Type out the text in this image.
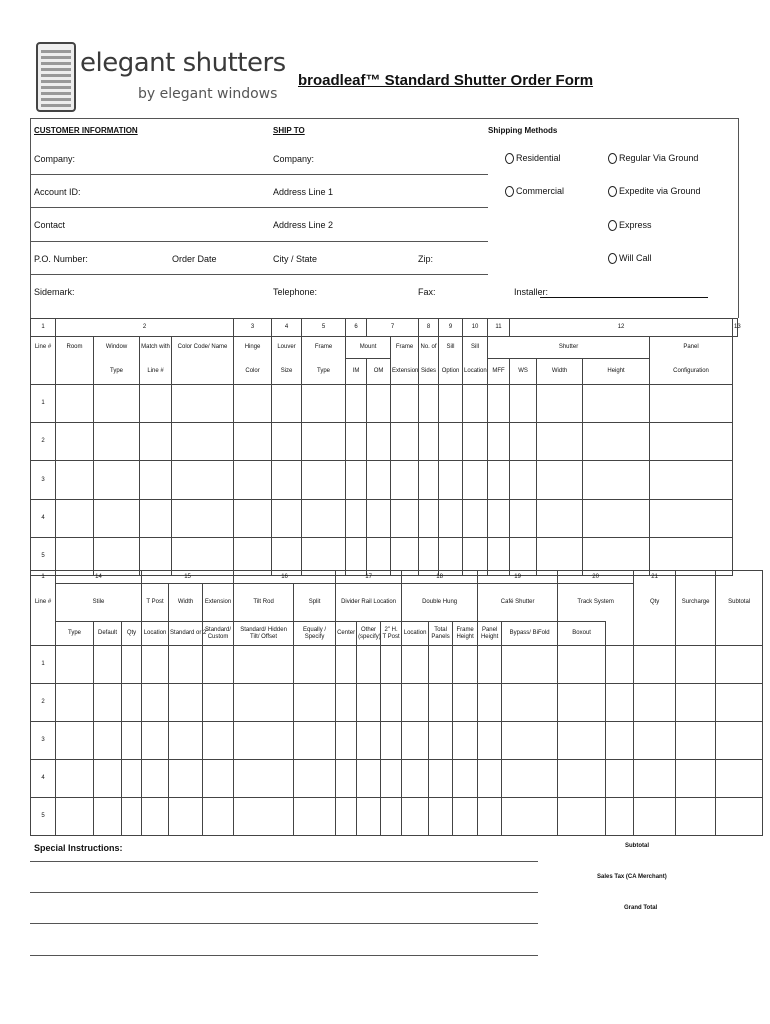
elegant shutters
by elegant windows
broadleaf™ Standard Shutter Order Form
CUSTOMER INFORMATION	SHIP TO	Shipping Methods
Company:
Account ID:
Contact
P.O. Number:	Order Date
Sidemark:
Company:
Address Line 1
Address Line 2
City / State	Zip:
Telephone:	Fax:
Residential	Regular Via Ground
Commercial	Expedite via Ground
Express
Will Call
Installer:
1	2				3	4	5	6	7		8	9	10	11	12				13
Line #	Room	Window	Match with	Color Code/ Name	Hinge	Louver	Frame	Mount		Frame	No. of	Sill	Sill	Shutter				Panel	
		Type	Line #		Color	Size	Type	IM	OM	Extension	Sides	Option	Location	MFF	WS	Width	Height	Configuration	
1																			
2																			
3																			
4																			
5																			
1	14			15			16		17			18			19		20		21			
Line #	Stile			T Post	Width	Extension	Tilt Rod	Split	Divider Rail Location			Double Hung			Café Shutter		Track System		Qty	Surcharge	Subtotal	
	Type	Default	Qty	Location	Standard or 2"	Standard/ Custom	Standard/ Hidden Tilt/ Offset	Equally / Specify	Center	Other (specify)	2" H. T Post	Location	Total Panels	Frame Height	Panel Height	Bypass/ BiFold	Boxout					
1																						
2																						
3																						
4																						
5																						
Special Instructions:	Subtotal
Sales Tax (CA Merchant)
Grand Total
